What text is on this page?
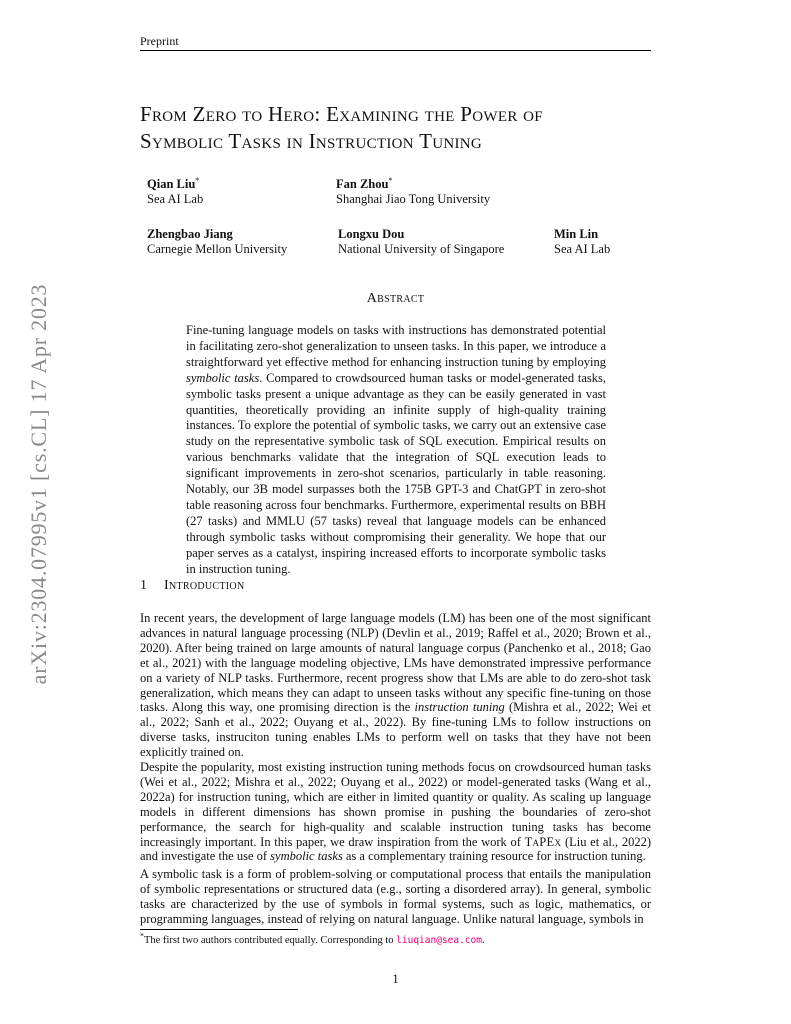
Preprint
arXiv:2304.07995v1 [cs.CL] 17 Apr 2023
From Zero to Hero: Examining the Power of
Symbolic Tasks in Instruction Tuning
Qian Liu*
Sea AI Lab
Fan Zhou*
Shanghai Jiao Tong University
Zhengbao Jiang
Carnegie Mellon University
Longxu Dou
National University of Singapore
Min Lin
Sea AI Lab
Abstract

Fine-tuning language models on tasks with instructions has demonstrated potential in facilitating zero-shot generalization to unseen tasks. In this paper, we introduce a straightforward yet effective method for enhancing instruction tuning by employing symbolic tasks. Compared to crowdsourced human tasks or model-generated tasks, symbolic tasks present a unique advantage as they can be easily generated in vast quantities, theoretically providing an infinite supply of high-quality training instances. To explore the potential of symbolic tasks, we carry out an extensive case study on the representative symbolic task of SQL execution. Empirical results on various benchmarks validate that the integration of SQL execution leads to significant improvements in zero-shot scenarios, particularly in table reasoning. Notably, our 3B model surpasses both the 175B GPT-3 and ChatGPT in zero-shot table reasoning across four benchmarks. Furthermore, experimental results on BBH (27 tasks) and MMLU (57 tasks) reveal that language models can be enhanced through symbolic tasks without compromising their generality. We hope that our paper serves as a catalyst, inspiring increased efforts to incorporate symbolic tasks in instruction tuning.

1 Introduction

In recent years, the development of large language models (LM) has been one of the most significant advances in natural language processing (NLP) (Devlin et al., 2019; Raffel et al., 2020; Brown et al., 2020). After being trained on large amounts of natural language corpus (Panchenko et al., 2018; Gao et al., 2021) with the language modeling objective, LMs have demonstrated impressive performance on a variety of NLP tasks. Furthermore, recent progress show that LMs are able to do zero-shot task generalization, which means they can adapt to unseen tasks without any specific fine-tuning on those tasks. Along this way, one promising direction is the instruction tuning (Mishra et al., 2022; Wei et al., 2022; Sanh et al., 2022; Ouyang et al., 2022). By fine-tuning LMs to follow instructions on diverse tasks, instruciton tuning enables LMs to perform well on tasks that they have not been explicitly trained on.

Despite the popularity, most existing instruction tuning methods focus on crowdsourced human tasks (Wei et al., 2022; Mishra et al., 2022; Ouyang et al., 2022) or model-generated tasks (Wang et al., 2022a) for instruction tuning, which are either in limited quantity or quality. As scaling up language models in different dimensions has shown promise in pushing the boundaries of zero-shot performance, the search for high-quality and scalable instruction tuning tasks has become increasingly important. In this paper, we draw inspiration from the work of TaPEx (Liu et al., 2022) and investigate the use of symbolic tasks as a complementary training resource for instruction tuning.

A symbolic task is a form of problem-solving or computational process that entails the manipulation of symbolic representations or structured data (e.g., sorting a disordered array). In general, symbolic tasks are characterized by the use of symbols in formal systems, such as logic, mathematics, or programming languages, instead of relying on natural language. Unlike natural language, symbols in

*The first two authors contributed equally. Corresponding to liuqian@sea.com.
1
